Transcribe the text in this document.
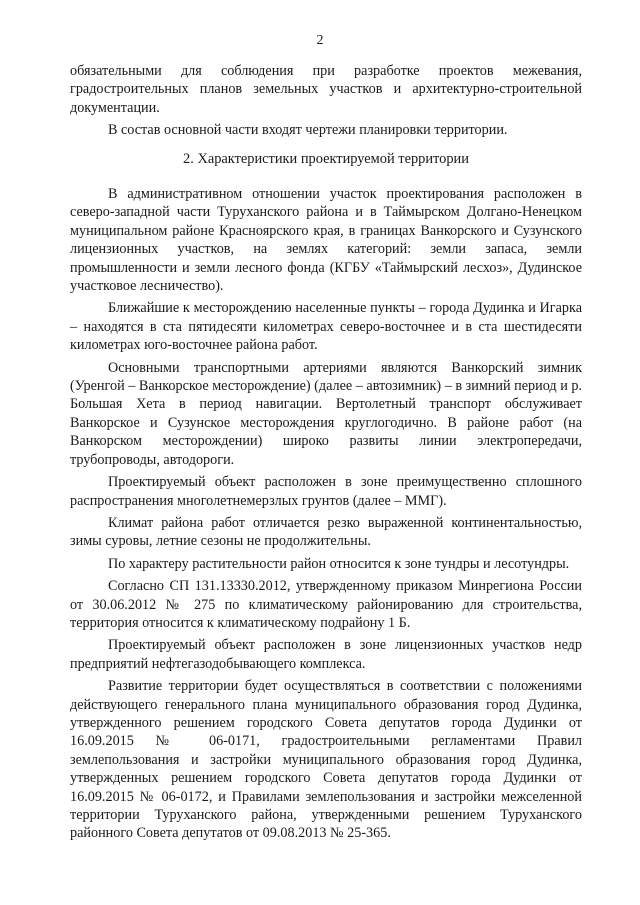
2

обязательными для соблюдения при разработке проектов межевания, градостроительных планов земельных участков и архитектурно-строительной документации.

В состав основной части входят чертежи планировки территории.

2. Характеристики проектируемой территории

В административном отношении участок проектирования расположен в северо-западной части Туруханского района и в Таймырском Долгано-Ненецком муниципальном районе Красноярского края, в границах Ванкорского и Сузунского лицензионных участков, на землях категорий: земли запаса, земли промышленности и земли лесного фонда (КГБУ «Таймырский лесхоз», Дудинское участковое лесничество).

Ближайшие к месторождению населенные пункты – города Дудинка и Игарка – находятся в ста пятидесяти километрах северо-восточнее и в ста шестидесяти километрах юго-восточнее района работ.

Основными транспортными артериями являются Ванкорский зимник (Уренгой – Ванкорское месторождение) (далее – автозимник) – в зимний период и р. Большая Хета в период навигации. Вертолетный транспорт обслуживает Ванкорское и Сузунское месторождения круглогодично. В районе работ (на Ванкорском месторождении) широко развиты линии электропередачи, трубопроводы, автодороги.

Проектируемый объект расположен в зоне преимущественно сплошного распространения многолетнемерзлых грунтов (далее – ММГ).

Климат района работ отличается резко выраженной континентальностью, зимы суровы, летние сезоны не продолжительны.

По характеру растительности район относится к зоне тундры и лесотундры.

Согласно СП 131.13330.2012, утвержденному приказом Минрегиона России от 30.06.2012 № 275 по климатическому районированию для строительства, территория относится к климатическому подрайону 1 Б.

Проектируемый объект расположен в зоне лицензионных участков недр предприятий нефтегазодобывающего комплекса.

Развитие территории будет осуществляться в соответствии с положениями действующего генерального плана муниципального образования город Дудинка, утвержденного решением городского Совета депутатов города Дудинки от 16.09.2015 № 06-0171, градостроительными регламентами Правил землепользования и застройки муниципального образования город Дудинка, утвержденных решением городского Совета депутатов города Дудинки от 16.09.2015 № 06-0172, и Правилами землепользования и застройки межселенной территории Туруханского района, утвержденными решением Туруханского районного Совета депутатов от 09.08.2013 № 25-365.
